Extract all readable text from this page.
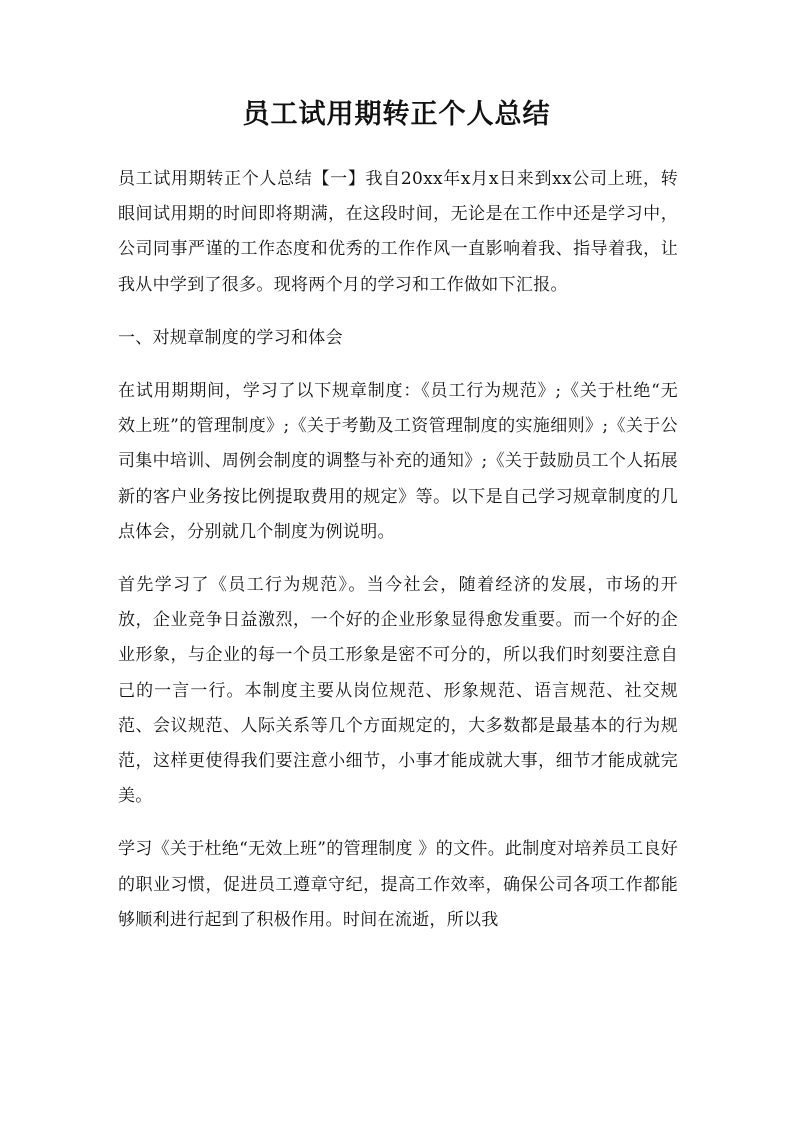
员工试用期转正个人总结

员工试用期转正个人总结【一】我自20xx年x月x日来到xx公司上班，转眼间试用期的时间即将期满，在这段时间，无论是在工作中还是学习中，公司同事严谨的工作态度和优秀的工作作风一直影响着我、指导着我，让我从中学到了很多。现将两个月的学习和工作做如下汇报。

一、对规章制度的学习和体会

在试用期期间，学习了以下规章制度：《员工行为规范》;《关于杜绝“无效上班”的管理制度》;《关于考勤及工资管理制度的实施细则》;《关于公司集中培训、周例会制度的调整与补充的通知》;《关于鼓励员工个人拓展新的客户业务按比例提取费用的规定》等。以下是自己学习规章制度的几点体会，分别就几个制度为例说明。

首先学习了《员工行为规范》。当今社会，随着经济的发展，市场的开放，企业竞争日益激烈，一个好的企业形象显得愈发重要。而一个好的企业形象，与企业的每一个员工形象是密不可分的，所以我们时刻要注意自己的一言一行。本制度主要从岗位规范、形象规范、语言规范、社交规范、会议规范、人际关系等几个方面规定的，大多数都是最基本的行为规范，这样更使得我们要注意小细节，小事才能成就大事，细节才能成就完美。

学习《关于杜绝“无效上班”的管理制度 》的文件。此制度对培养员工良好的职业习惯，促进员工遵章守纪，提高工作效率，确保公司各项工作都能够顺利进行起到了积极作用。时间在流逝，所以我
